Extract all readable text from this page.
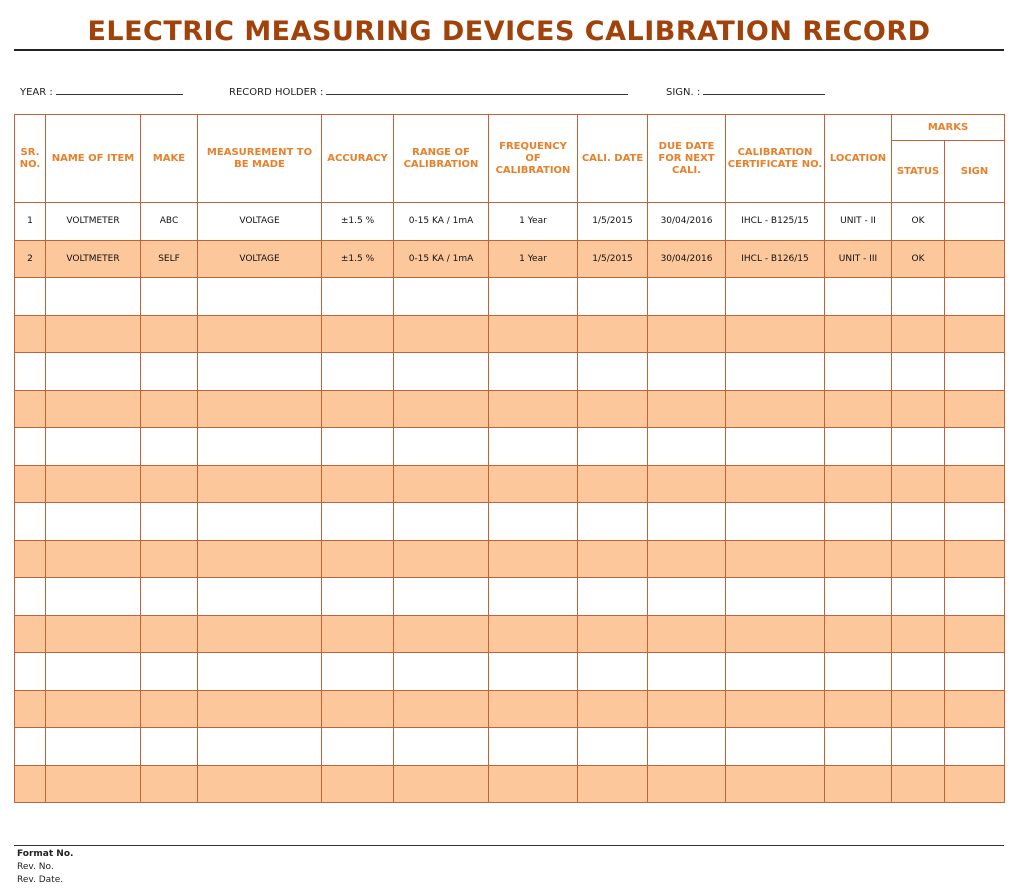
ELECTRIC MEASURING DEVICES CALIBRATION RECORD
YEAR :	RECORD HOLDER :	SIGN. :
SR. NO.	NAME OF ITEM	MAKE	MEASUREMENT TO BE MADE	ACCURACY	RANGE OF CALIBRATION	FREQUENCY OF CALIBRATION	CALI. DATE	DUE DATE FOR NEXT CALI.	CALIBRATION CERTIFICATE NO.	LOCATION	MARKS	
											STATUS	SIGN
1	VOLTMETER	ABC	VOLTAGE	±1.5 %	0-15 KA / 1mA	1 Year	1/5/2015	30/04/2016	IHCL - B125/15	UNIT - II	OK	
2	VOLTMETER	SELF	VOLTAGE	±1.5 %	0-15 KA / 1mA	1 Year	1/5/2015	30/04/2016	IHCL - B126/15	UNIT - III	OK	

Format No.
Rev. No.
Rev. Date.
